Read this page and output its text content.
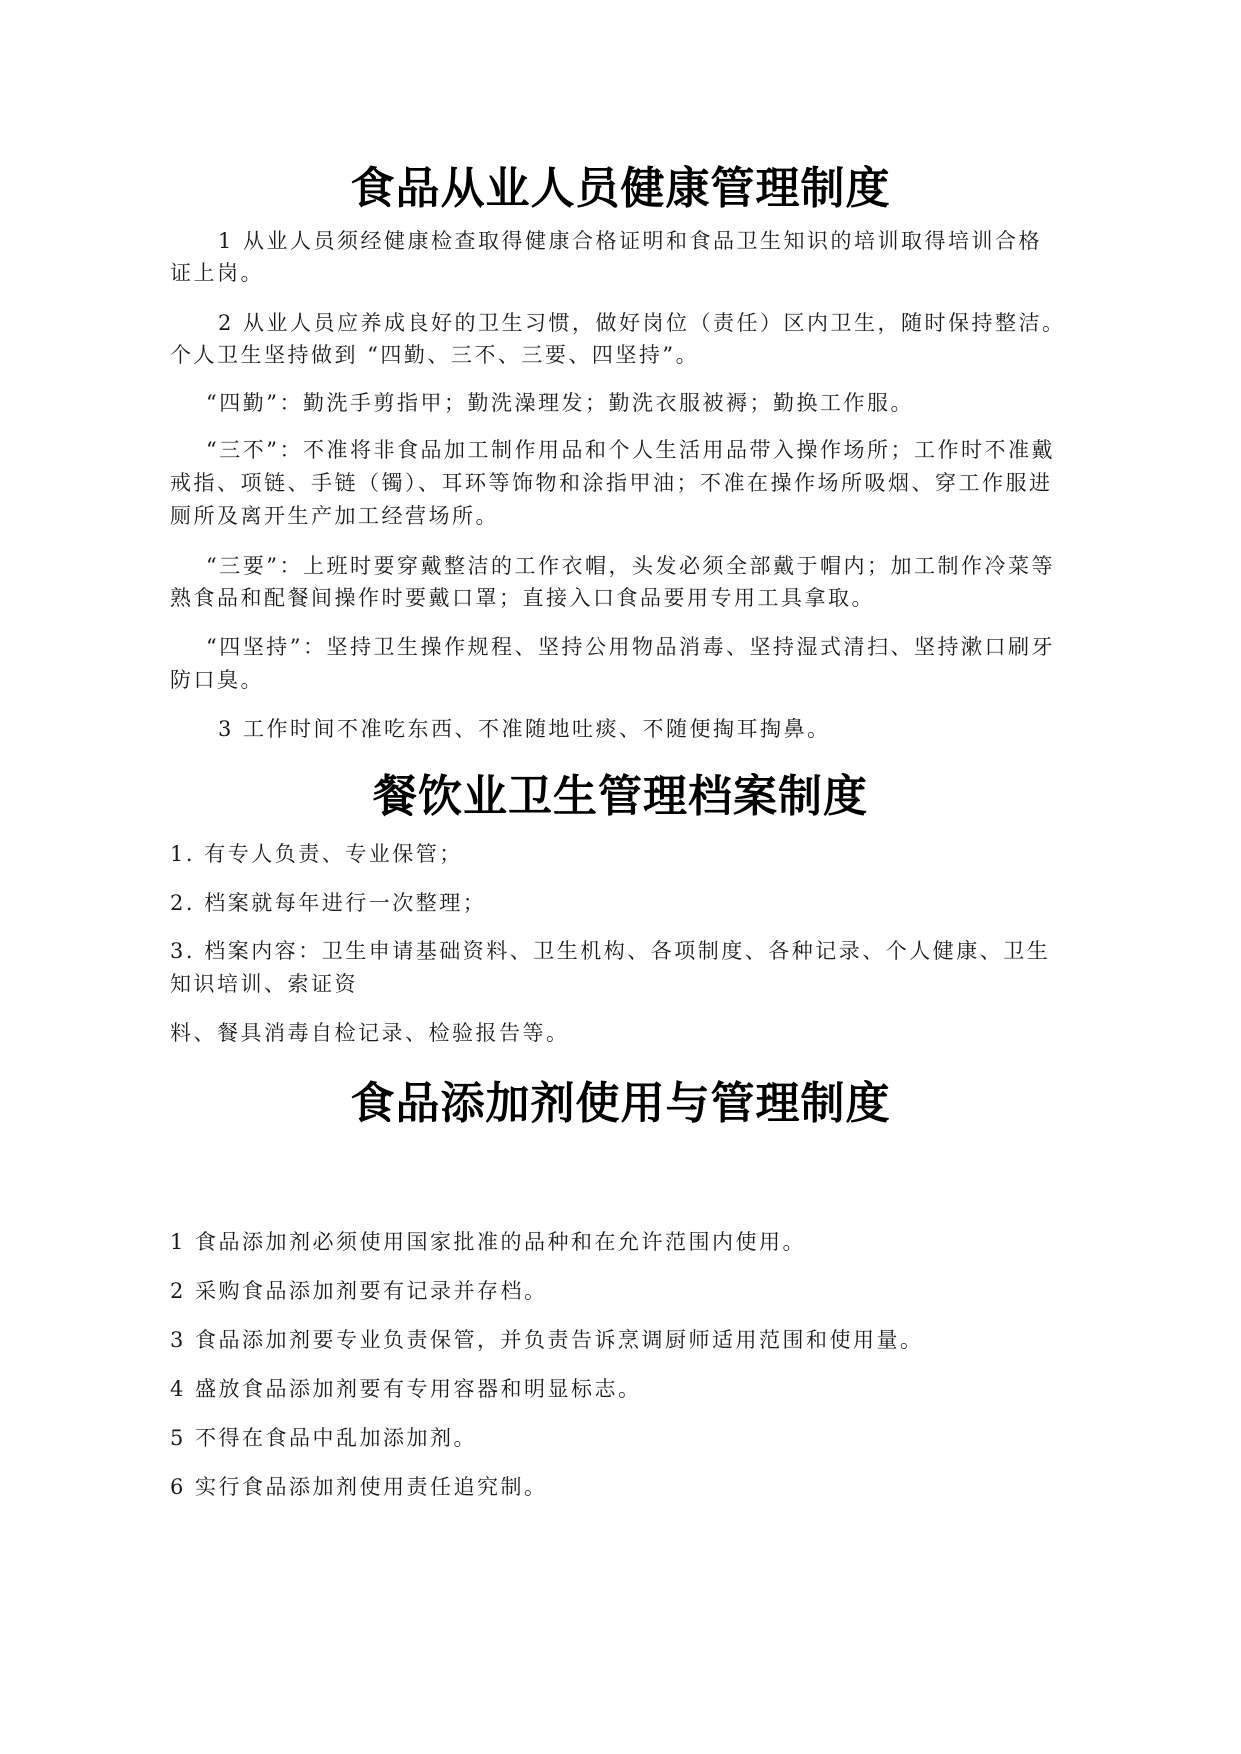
食品从业人员健康管理制度

1 从业人员须经健康检查取得健康合格证明和食品卫生知识的培训取得培训合格

证上岗。

2 从业人员应养成良好的卫生习惯，做好岗位（责任）区内卫生，随时保持整洁。

个人卫生坚持做到 “四勤、三不、三要、四坚持”。

“四勤”：勤洗手剪指甲；勤洗澡理发；勤洗衣服被褥；勤换工作服。

“三不”：不准将非食品加工制作用品和个人生活用品带入操作场所；工作时不准戴

戒指、项链、手链（镯）、耳环等饰物和涂指甲油；不准在操作场所吸烟、穿工作服进

厕所及离开生产加工经营场所。

“三要”：上班时要穿戴整洁的工作衣帽，头发必须全部戴于帽内；加工制作冷菜等

熟食品和配餐间操作时要戴口罩；直接入口食品要用专用工具拿取。

“四坚持”：坚持卫生操作规程、坚持公用物品消毒、坚持湿式清扫、坚持漱口刷牙

防口臭。

3 工作时间不准吃东西、不准随地吐痰、不随便掏耳掏鼻。

餐饮业卫生管理档案制度

1. 有专人负责、专业保管；

2. 档案就每年进行一次整理；

3. 档案内容：卫生申请基础资料、卫生机构、各项制度、各种记录、个人健康、卫生

知识培训、索证资

料、餐具消毒自检记录、检验报告等。

食品添加剂使用与管理制度

1 食品添加剂必须使用国家批准的品种和在允许范围内使用。

2 采购食品添加剂要有记录并存档。

3 食品添加剂要专业负责保管，并负责告诉烹调厨师适用范围和使用量。

4 盛放食品添加剂要有专用容器和明显标志。

5 不得在食品中乱加添加剂。

6 实行食品添加剂使用责任追究制。
